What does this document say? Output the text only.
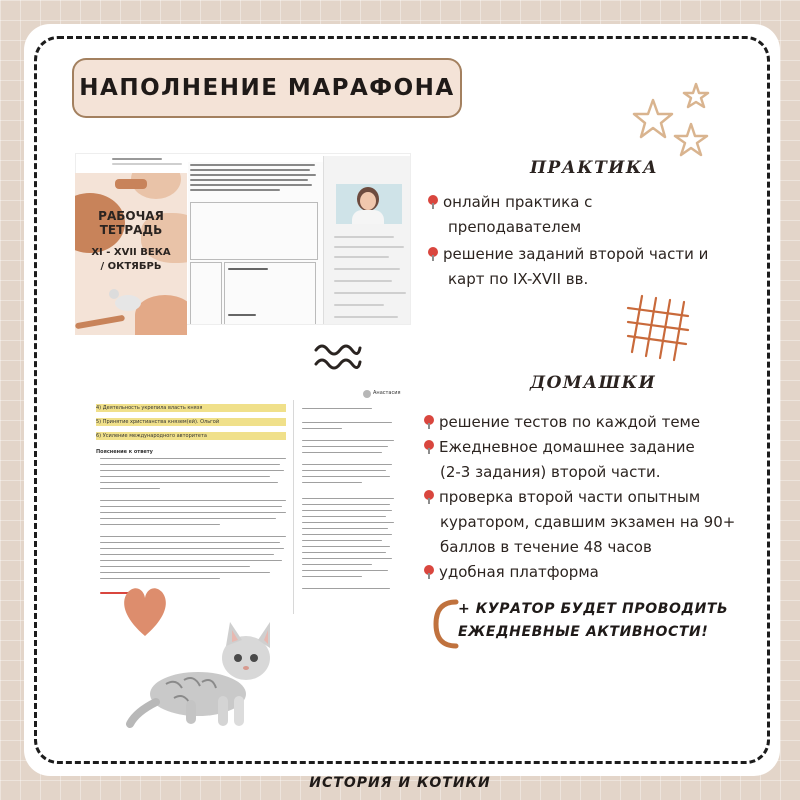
НАПОЛНЕНИЕ МАРАФОНА
ПРАКТИКА
онлайн практика с
преподавателем
решение заданий второй части и
карт по IX-XVII вв.
РАБОЧАЯ
ТЕТРАДЬ
XI - XVII ВЕКА
/ ОКТЯБРЬ
Анастасия
4) Деятельность укрепила власть князя
5) Принятие христианства князем(ей). Ольгой
6) Усиление международного авторитета
Пояснение к ответу
ДОМАШКИ
решение тестов по каждой теме
Ежедневное домашнее задание
(2-3 задания) второй части.
проверка второй части опытным
куратором, сдавшим экзамен на 90+
баллов в течение 48 часов
удобная платформа
+ КУРАТОР БУДЕТ ПРОВОДИТЬ
ЕЖЕДНЕВНЫЕ АКТИВНОСТИ!
ИСТОРИЯ И КОТИКИ
